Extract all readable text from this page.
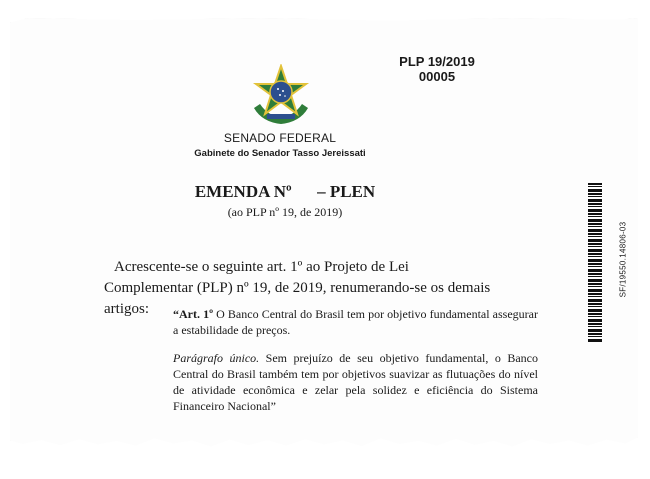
PLP 19/2019
00005
SENADO FEDERAL
Gabinete do Senador Tasso Jereissati
EMENDA Nº      – PLEN
(ao PLP nº 19, de 2019)
Acrescente-se o seguinte art. 1º ao Projeto de Lei
Complementar (PLP) nº 19, de 2019, renumerando-se os demais artigos:	“Art. 1º O Banco Central do Brasil tem por objetivo fundamental assegurar a estabilidade de preços.
Parágrafo único. Sem prejuízo de seu objetivo fundamental, o Banco Central do Brasil também tem por objetivos suavizar as flutuações do nível de atividade econômica e zelar pela solidez e eficiência do Sistema Financeiro Nacional”
SF/19550.14806-03
